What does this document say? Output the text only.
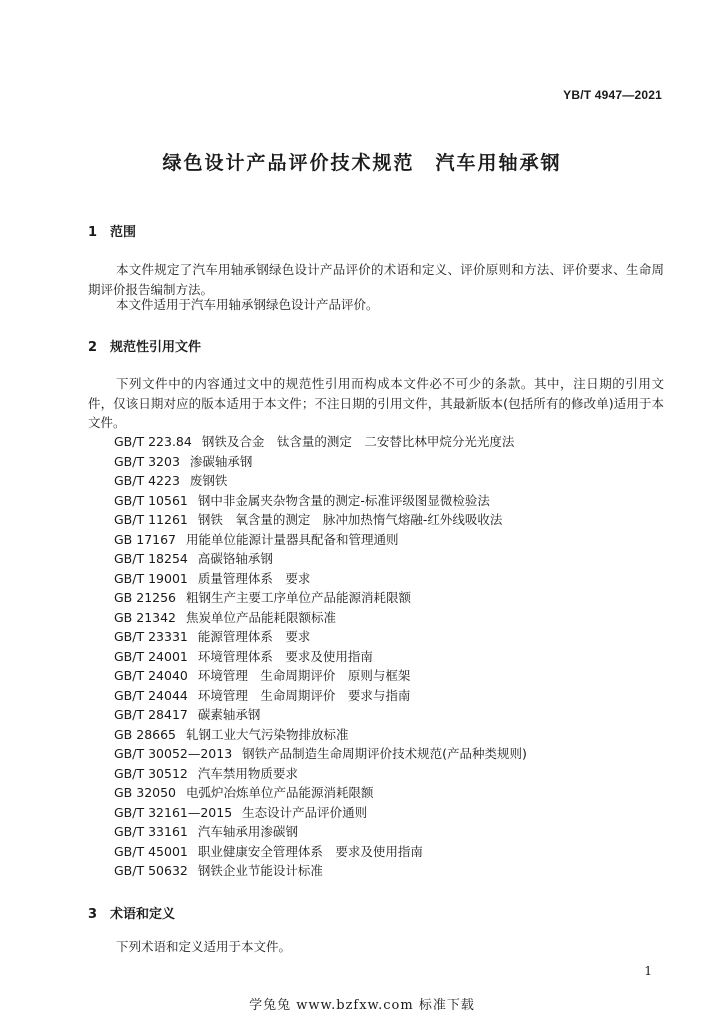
YB/T 4947—2021
绿色设计产品评价技术规范　汽车用轴承钢
1 范围
本文件规定了汽车用轴承钢绿色设计产品评价的术语和定义、评价原则和方法、评价要求、生命周期评价报告编制方法。
本文件适用于汽车用轴承钢绿色设计产品评价。
2 规范性引用文件
下列文件中的内容通过文中的规范性引用而构成本文件必不可少的条款。其中，注日期的引用文件，仅该日期对应的版本适用于本文件；不注日期的引用文件，其最新版本(包括所有的修改单)适用于本文件。
GB/T 223.84 钢铁及合金　钛含量的测定　二安替比林甲烷分光光度法
GB/T 3203 渗碳轴承钢
GB/T 4223 废钢铁
GB/T 10561 钢中非金属夹杂物含量的测定-标准评级图显微检验法
GB/T 11261 钢铁　氧含量的测定　脉冲加热惰气熔融-红外线吸收法
GB 17167 用能单位能源计量器具配备和管理通则
GB/T 18254 高碳铬轴承钢
GB/T 19001 质量管理体系　要求
GB 21256 粗钢生产主要工序单位产品能源消耗限额
GB 21342 焦炭单位产品能耗限额标准
GB/T 23331 能源管理体系　要求
GB/T 24001 环境管理体系　要求及使用指南
GB/T 24040 环境管理　生命周期评价　原则与框架
GB/T 24044 环境管理　生命周期评价　要求与指南
GB/T 28417 碳素轴承钢
GB 28665 轧钢工业大气污染物排放标准
GB/T 30052—2013 钢铁产品制造生命周期评价技术规范(产品种类规则)
GB/T 30512 汽车禁用物质要求
GB 32050 电弧炉冶炼单位产品能源消耗限额
GB/T 32161—2015 生态设计产品评价通则
GB/T 33161 汽车轴承用渗碳钢
GB/T 45001 职业健康安全管理体系　要求及使用指南
GB/T 50632 钢铁企业节能设计标准
3 术语和定义
下列术语和定义适用于本文件。
1
学兔兔 www.bzfxw.com 标准下载
